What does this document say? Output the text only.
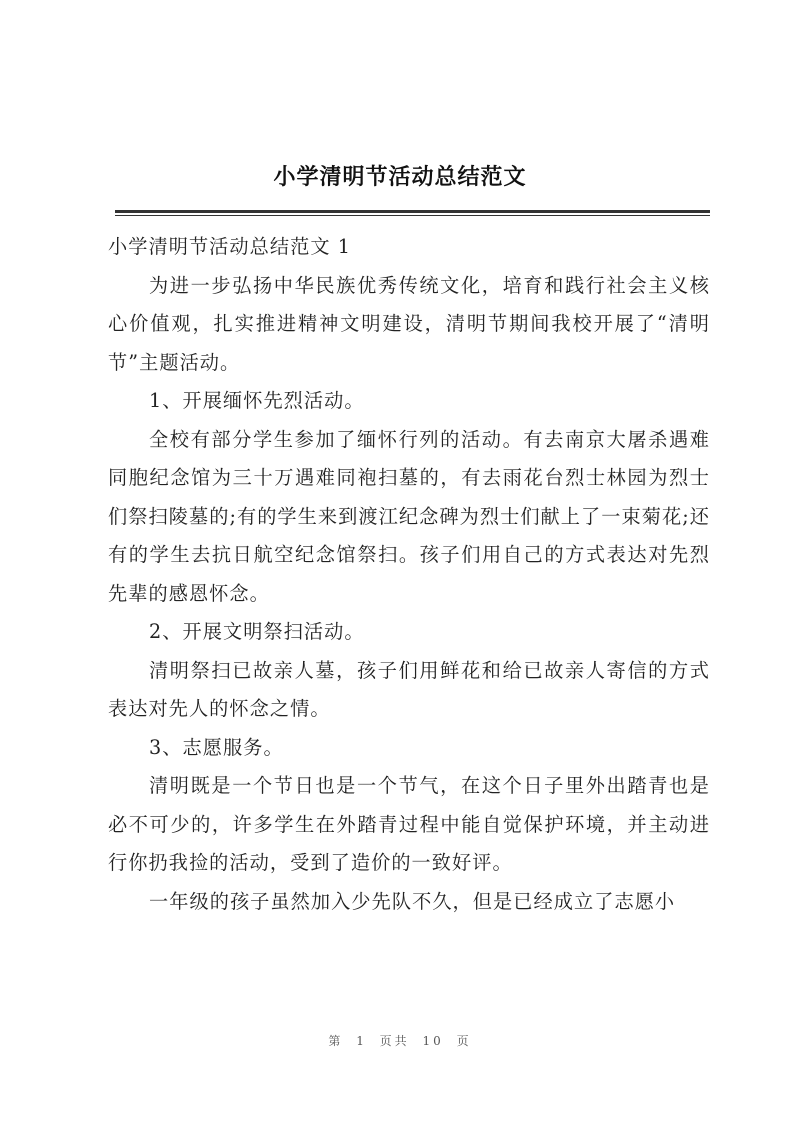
小学清明节活动总结范文

小学清明节活动总结范文 1

为进一步弘扬中华民族优秀传统文化，培育和践行社会主义核心价值观，扎实推进精神文明建设，清明节期间我校开展了“清明节”主题活动。

1、开展缅怀先烈活动。

全校有部分学生参加了缅怀行列的活动。有去南京大屠杀遇难同胞纪念馆为三十万遇难同袍扫墓的，有去雨花台烈士林园为烈士们祭扫陵墓的;有的学生来到渡江纪念碑为烈士们献上了一束菊花;还有的学生去抗日航空纪念馆祭扫。孩子们用自己的方式表达对先烈先辈的感恩怀念。

2、开展文明祭扫活动。

清明祭扫已故亲人墓，孩子们用鲜花和给已故亲人寄信的方式表达对先人的怀念之情。

3、志愿服务。

清明既是一个节日也是一个节气，在这个日子里外出踏青也是必不可少的，许多学生在外踏青过程中能自觉保护环境，并主动进行你扔我捡的活动，受到了造价的一致好评。

一年级的孩子虽然加入少先队不久，但是已经成立了志愿小

第 1 页共 10 页
